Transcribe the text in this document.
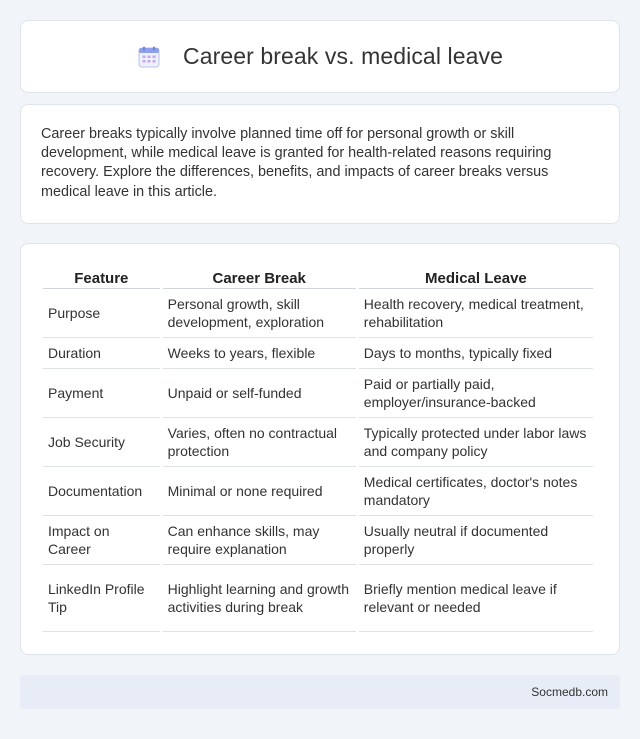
Career break vs. medical leave

Career breaks typically involve planned time off for personal growth or skill development, while medical leave is granted for health-related reasons requiring recovery. Explore the differences, benefits, and impacts of career breaks versus medical leave in this article.

Feature	Career Break	Medical Leave
Purpose	Personal growth, skill development, exploration	Health recovery, medical treatment, rehabilitation
Duration	Weeks to years, flexible	Days to months, typically fixed
Payment	Unpaid or self-funded	Paid or partially paid, employer/insurance-backed
Job Security	Varies, often no contractual protection	Typically protected under labor laws and company policy
Documentation	Minimal or none required	Medical certificates, doctor's notes mandatory
Impact on Career	Can enhance skills, may require explanation	Usually neutral if documented properly
LinkedIn Profile Tip	Highlight learning and growth activities during break	Briefly mention medical leave if relevant or needed
Socmedb.com
